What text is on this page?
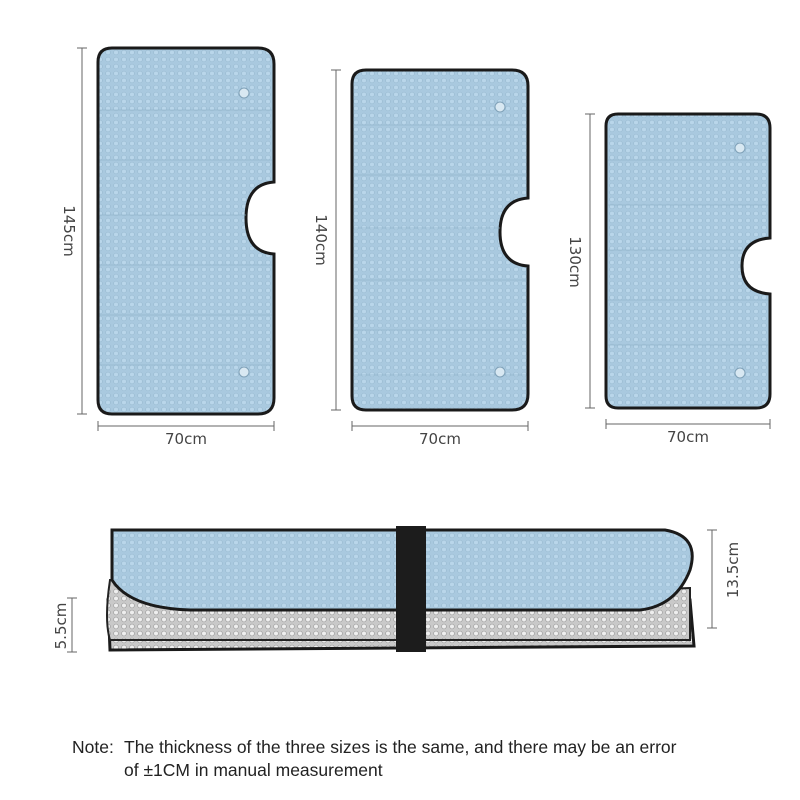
145cm
70cm
140cm
70cm
130cm
70cm
5.5cm
13.5cm
Note: The thickness of the three sizes is the same, and there may be an error
of ±1CM in manual measurement
